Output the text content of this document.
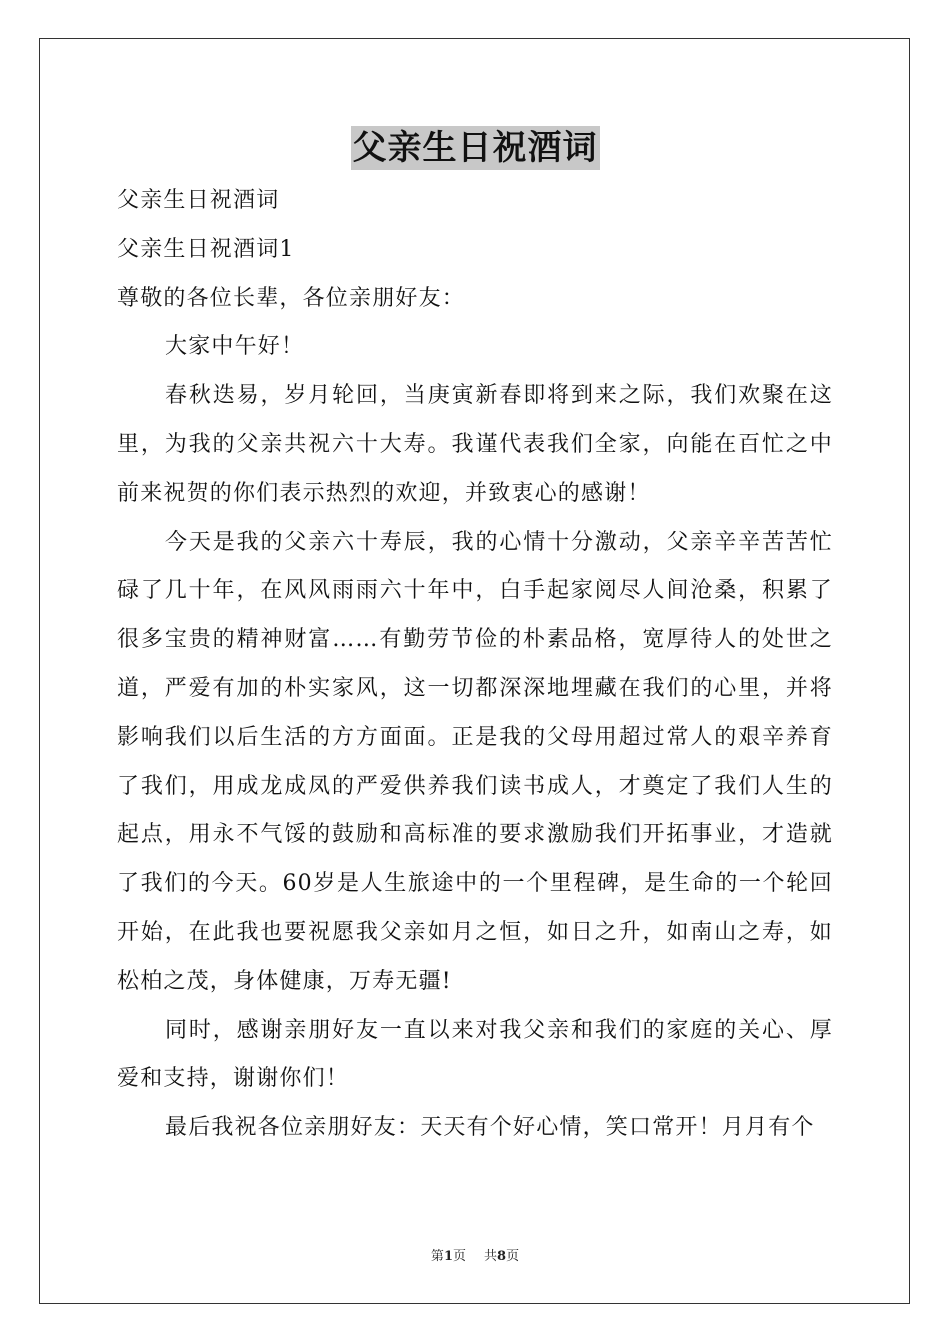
父亲生日祝酒词

父亲生日祝酒词

父亲生日祝酒词1

尊敬的各位长辈，各位亲朋好友：

大家中午好！

春秋迭易，岁月轮回，当庚寅新春即将到来之际，我们欢聚在这里，为我的父亲共祝六十大寿。我谨代表我们全家，向能在百忙之中前来祝贺的你们表示热烈的欢迎，并致衷心的感谢！

今天是我的父亲六十寿辰，我的心情十分激动，父亲辛辛苦苦忙碌了几十年，在风风雨雨六十年中，白手起家阅尽人间沧桑，积累了很多宝贵的精神财富……有勤劳节俭的朴素品格，宽厚待人的处世之道，严爱有加的朴实家风，这一切都深深地埋藏在我们的心里，并将影响我们以后生活的方方面面。正是我的父母用超过常人的艰辛养育了我们，用成龙成凤的严爱供养我们读书成人，才奠定了我们人生的起点，用永不气馁的鼓励和高标准的要求激励我们开拓事业，才造就了我们的今天。60岁是人生旅途中的一个里程碑，是生命的一个轮回开始，在此我也要祝愿我父亲如月之恒，如日之升，如南山之寿，如松柏之茂，身体健康，万寿无疆!

同时，感谢亲朋好友一直以来对我父亲和我们的家庭的关心、厚爱和支持，谢谢你们！

最后我祝各位亲朋好友：天天有个好心情，笑口常开！月月有个

第1页 共8页
